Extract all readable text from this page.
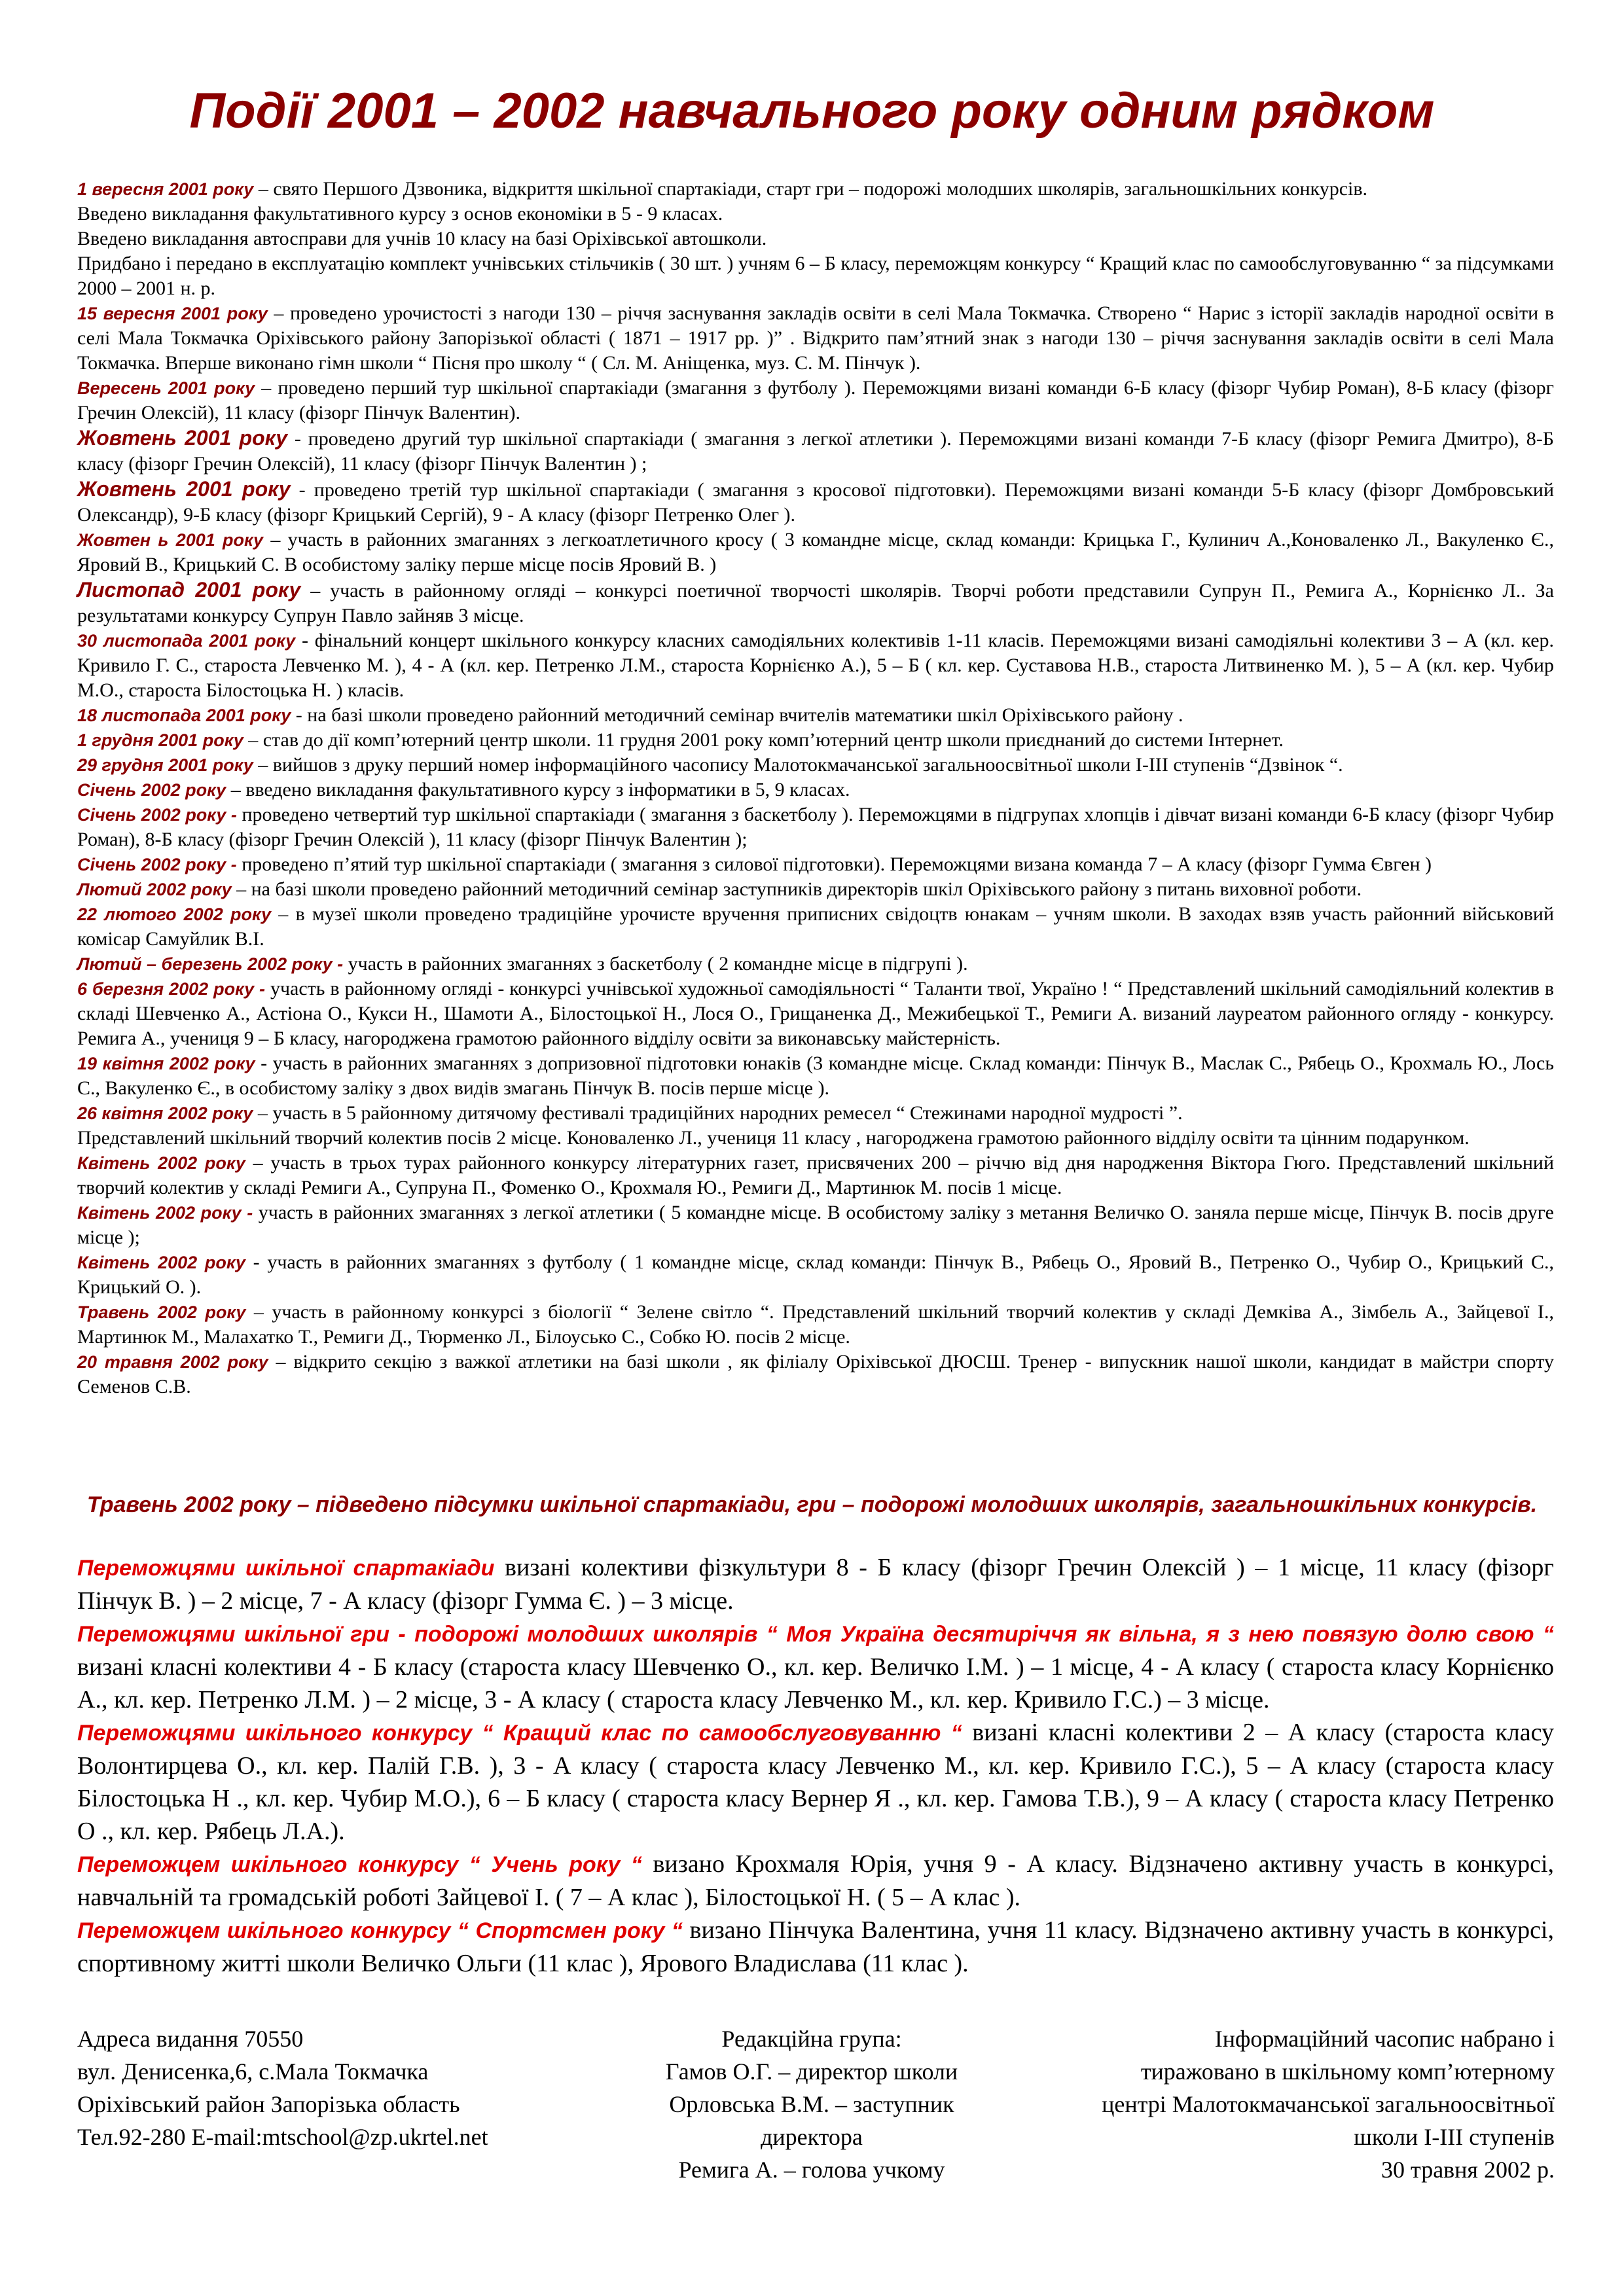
Події 2001 – 2002 навчального року одним рядком

1 вересня 2001 року – свято Першого Дзвоника, відкриття шкільної спартакіади, старт гри – подорожі молодших школярів, загальношкільних конкурсів.

Введено викладання факультативного курсу з основ економіки в 5 - 9 класах.

Введено викладання автосправи для учнів 10 класу на базі Оріхівської автошколи.

Придбано і передано в експлуатацію комплект учнівських стільчиків ( 30 шт. ) учням 6 – Б класу, переможцям конкурсу “ Кращий клас по самообслуговуванню “ за підсумками 2000 – 2001 н. р.

15 вересня 2001 року – проведено урочистості з нагоди 130 – річчя заснування закладів освіти в селі Мала Токмачка. Створено “ Нарис з історії закладів народної освіти в селі Мала Токмачка Оріхівського району Запорізької області ( 1871 – 1917 рр. )” . Відкрито пам’ятний знак з нагоди 130 – річчя заснування закладів освіти в селі Мала Токмачка. Вперше виконано гімн школи “ Пісня про школу “ ( Сл. М. Аніщенка, муз. С. М. Пінчук ).

Вересень 2001 року – проведено перший тур шкільної спартакіади (змагання з футболу ). Переможцями визані команди 6-Б класу (фізорг Чубир Роман), 8-Б класу (фізорг Гречин Олексій), 11 класу (фізорг Пінчук Валентин).

Жовтень 2001 року - проведено другий тур шкільної спартакіади ( змагання з легкої атлетики ). Переможцями визані команди 7-Б класу (фізорг Ремига Дмитро), 8-Б класу (фізорг Гречин Олексій), 11 класу (фізорг Пінчук Валентин ) ;

Жовтень 2001 року - проведено третій тур шкільної спартакіади ( змагання з кросової підготовки). Переможцями визані команди 5-Б класу (фізорг Домбровський Олександр), 9-Б класу (фізорг Крицький Сергій), 9 - А класу (фізорг Петренко Олег ).

Жовтен ь 2001 року – участь в районних змаганнях з легкоатлетичного кросу ( 3 командне місце, склад команди: Крицька Г., Кулинич А.,Коноваленко Л., Вакуленко Є., Яровий В., Крицький С. В особистому заліку перше місце посів Яровий В. )

Листопад 2001 року – участь в районному огляді – конкурсі поетичної творчості школярів. Творчі роботи представили Супрун П., Ремига А., Корнієнко Л.. За результатами конкурсу Супрун Павло зайняв 3 місце.

30 листопада 2001 року - фінальний концерт шкільного конкурсу класних самодіяльних колективів 1-11 класів. Переможцями визані самодіяльні колективи 3 – А (кл. кер. Кривило Г. С., староста Левченко М. ), 4 - А (кл. кер. Петренко Л.М., староста Корнієнко А.), 5 – Б ( кл. кер. Суставова Н.В., староста Литвиненко М. ), 5 – А (кл. кер. Чубир М.О., староста Білостоцька Н. ) класів.

18 листопада 2001 року - на базі школи проведено районний методичний семінар вчителів математики шкіл Оріхівського району .

1 грудня 2001 року – став до дії комп’ютерний центр школи. 11 грудня 2001 року комп’ютерний центр школи приєднаний до системи Інтернет.

29 грудня 2001 року – вийшов з друку перший номер інформаційного часопису Малотокмачанської загальноосвітньої школи І-ІІІ ступенів “Дзвінок “.

Січень 2002 року – введено викладання факультативного курсу з інформатики в 5, 9 класах.

Січень 2002 року - проведено четвертий тур шкільної спартакіади ( змагання з баскетболу ). Переможцями в підгрупах хлопців і дівчат визані команди 6-Б класу (фізорг Чубир Роман), 8-Б класу (фізорг Гречин Олексій ), 11 класу (фізорг Пінчук Валентин );

Січень 2002 року - проведено п’ятий тур шкільної спартакіади ( змагання з силової підготовки). Переможцями визана команда 7 – А класу (фізорг Гумма Євген )

Лютий 2002 року – на базі школи проведено районний методичний семінар заступників директорів шкіл Оріхівського району з питань виховної роботи.

22 лютого 2002 року – в музеї школи проведено традиційне урочисте вручення приписних свідоцтв юнакам – учням школи. В заходах взяв участь районний військовий комісар Самуйлик В.І.

Лютий – березень 2002 року - участь в районних змаганнях з баскетболу ( 2 командне місце в підгрупі ).

6 березня 2002 року - участь в районному огляді - конкурсі учнівської художньої самодіяльності “ Таланти твої, Україно ! “ Представлений шкільний самодіяльний колектив в складі Шевченко А., Астіона О., Кукси Н., Шамоти А., Білостоцької Н., Лося О., Грищаненка Д., Межибецької Т., Ремиги А. визаний лауреатом районного огляду - конкурсу. Ремига А., учениця 9 – Б класу, нагороджена грамотою районного відділу освіти за виконавську майстерність.

19 квітня 2002 року - участь в районних змаганнях з допризовної підготовки юнаків (3 командне місце. Склад команди: Пінчук В., Маслак С., Рябець О., Крохмаль Ю., Лось С., Вакуленко Є., в особистому заліку з двох видів змагань Пінчук В. посів перше місце ).

26 квітня 2002 року – участь в 5 районному дитячому фестивалі традиційних народних ремесел “ Стежинами народної мудрості ”.

Представлений шкільний творчий колектив посів 2 місце. Коноваленко Л., учениця 11 класу , нагороджена грамотою районного відділу освіти та цінним подарунком.

Квітень 2002 року – участь в трьох турах районного конкурсу літературних газет, присвячених 200 – річчю від дня народження Віктора Гюго. Представлений шкільний творчий колектив у складі Ремиги А., Супруна П., Фоменко О., Крохмаля Ю., Ремиги Д., Мартинюк М. посів 1 місце.

Квітень 2002 року - участь в районних змаганнях з легкої атлетики ( 5 командне місце. В особистому заліку з метання Величко О. заняла перше місце, Пінчук В. посів друге місце );

Квітень 2002 року - участь в районних змаганнях з футболу ( 1 командне місце, склад команди: Пінчук В., Рябець О., Яровий В., Петренко О., Чубир О., Крицький С., Крицький О. ).

Травень 2002 року – участь в районному конкурсі з біології “ Зелене світло “. Представлений шкільний творчий колектив у складі Демківа А., Зімбель А., Зайцевої І., Мартинюк М., Малахатко Т., Ремиги Д., Тюрменко Л., Білоусько С., Собко Ю. посів 2 місце.

20 травня 2002 року – відкрито секцію з важкої атлетики на базі школи , як філіалу Оріхівської ДЮСШ. Тренер - випускник нашої школи, кандидат в майстри спорту Семенов С.В.

Травень 2002 року – підведено підсумки шкільної спартакіади, гри – подорожі молодших школярів, загальношкільних конкурсів.

Переможцями шкільної спартакіади визані колективи фізкультури 8 - Б класу (фізорг Гречин Олексій ) – 1 місце, 11 класу (фізорг Пінчук В. ) – 2 місце, 7 - А класу (фізорг Гумма Є. ) – 3 місце.

Переможцями шкільної гри - подорожі молодших школярів “ Моя Україна десятиріччя як вільна, я з нею повязую долю свою “ визані класні колективи 4 - Б класу (староста класу Шевченко О., кл. кер. Величко І.М. ) – 1 місце, 4 - А класу ( староста класу Корнієнко А., кл. кер. Петренко Л.М. ) – 2 місце, 3 - А класу ( староста класу Левченко М., кл. кер. Кривило Г.С.) – 3 місце.

Переможцями шкільного конкурсу “ Кращий клас по самообслуговуванню “ визані класні колективи 2 – А класу (староста класу Волонтирцева О., кл. кер. Палій Г.В. ), 3 - А класу ( староста класу Левченко М., кл. кер. Кривило Г.С.), 5 – А класу (староста класу Білостоцька Н ., кл. кер. Чубир М.О.), 6 – Б класу ( староста класу Вернер Я ., кл. кер. Гамова Т.В.), 9 – А класу ( староста класу Петренко О ., кл. кер. Рябець Л.А.).

Переможцем шкільного конкурсу “ Учень року “ визано Крохмаля Юрія, учня 9 - А класу. Відзначено активну участь в конкурсі, навчальній та громадській роботі Зайцевої І. ( 7 – А клас ), Білостоцької Н. ( 5 – А клас ).

Переможцем шкільного конкурсу “ Спортсмен року “ визано Пінчука Валентина, учня 11 класу. Відзначено активну участь в конкурсі, спортивному житті школи Величко Ольги (11 клас ), Ярового Владислава (11 клас ).

Адреса видання 70550
вул. Денисенка,6, с.Мала Токмачка
Оріхівський район Запорізька область
Тел.92-280 E-mail:mtschool@zp.ukrtel.net
Редакційна група:
Гамов О.Г. – директор школи
Орловська В.М. – заступник
директора
Ремига А. – голова учкому
Інформаційний часопис набрано і
тиражовано в шкільному комп’ютерному
центрі Малотокмачанської загальноосвітньої
школи І-ІІІ ступенів
30 травня 2002 р.
